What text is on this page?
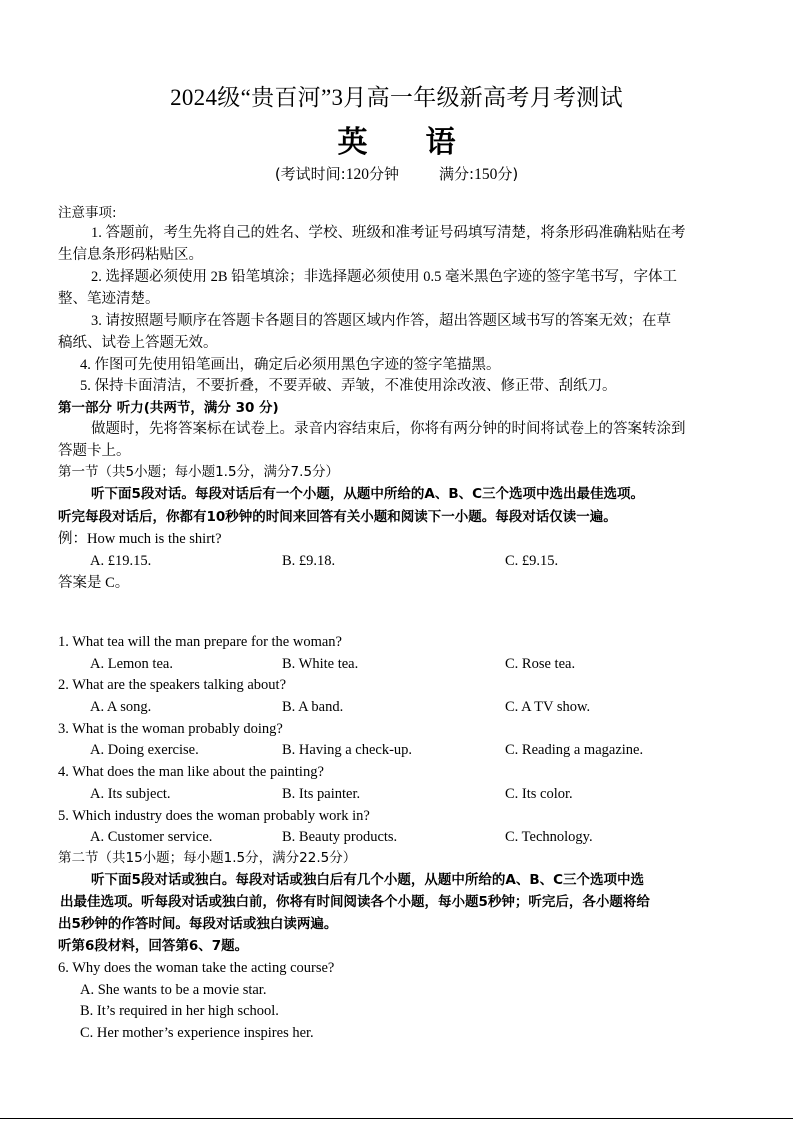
2024级“贵百河”3月高一年级新高考月考测试
英 语
(考试时间:120分钟	满分:150分)
注意事项:
1. 答题前，考生先将自己的姓名、学校、班级和准考证号码填写清楚，将条形码准确粘贴在考
生信息条形码粘贴区。
2. 选择题必须使用 2B 铅笔填涂；非选择题必须使用 0.5 毫米黑色字迹的签字笔书写，字体工
整、笔迹清楚。
3. 请按照题号顺序在答题卡各题目的答题区域内作答，超出答题区域书写的答案无效；在草
稿纸、试卷上答题无效。
4. 作图可先使用铅笔画出，确定后必须用黑色字迹的签字笔描黑。
5. 保持卡面清洁，不要折叠，不要弄破、弄皱，不准使用涂改液、修正带、刮纸刀。
第一部分 听力(共两节，满分 30 分)
做题时，先将答案标在试卷上。录音内容结束后，你将有两分钟的时间将试卷上的答案转涂到
答题卡上。
第一节（共5小题；每小题1.5分，满分7.5分）
听下面5段对话。每段对话后有一个小题，从题中所给的A、B、C三个选项中选出最佳选项。
听完每段对话后，你都有10秒钟的时间来回答有关小题和阅读下一小题。每段对话仅读一遍。
例：How much is the shirt?
A. £19.15.	B. £9.18.	C. £9.15.
答案是 C。
1. What tea will the man prepare for the woman?
A. Lemon tea.	B. White tea.	C. Rose tea.
2. What are the speakers talking about?
A. A song.	B. A band.	C. A TV show.
3. What is the woman probably doing?
A. Doing exercise.	B. Having a check-up.	C. Reading a magazine.
4. What does the man like about the painting?
A. Its subject.	B. Its painter.	C. Its color.
5. Which industry does the woman probably work in?
A. Customer service.	B. Beauty products.	C. Technology.
第二节（共15小题；每小题1.5分，满分22.5分）
听下面5段对话或独白。每段对话或独白后有几个小题，从题中所给的A、B、C三个选项中选
出最佳选项。听每段对话或独白前，你将有时间阅读各个小题，每小题5秒钟；听完后，各小题将给
出5秒钟的作答时间。每段对话或独白读两遍。
听第6段材料，回答第6、7题。
6. Why does the woman take the acting course?
A. She wants to be a movie star.
B. It’s required in her high school.
C. Her mother’s experience inspires her.
